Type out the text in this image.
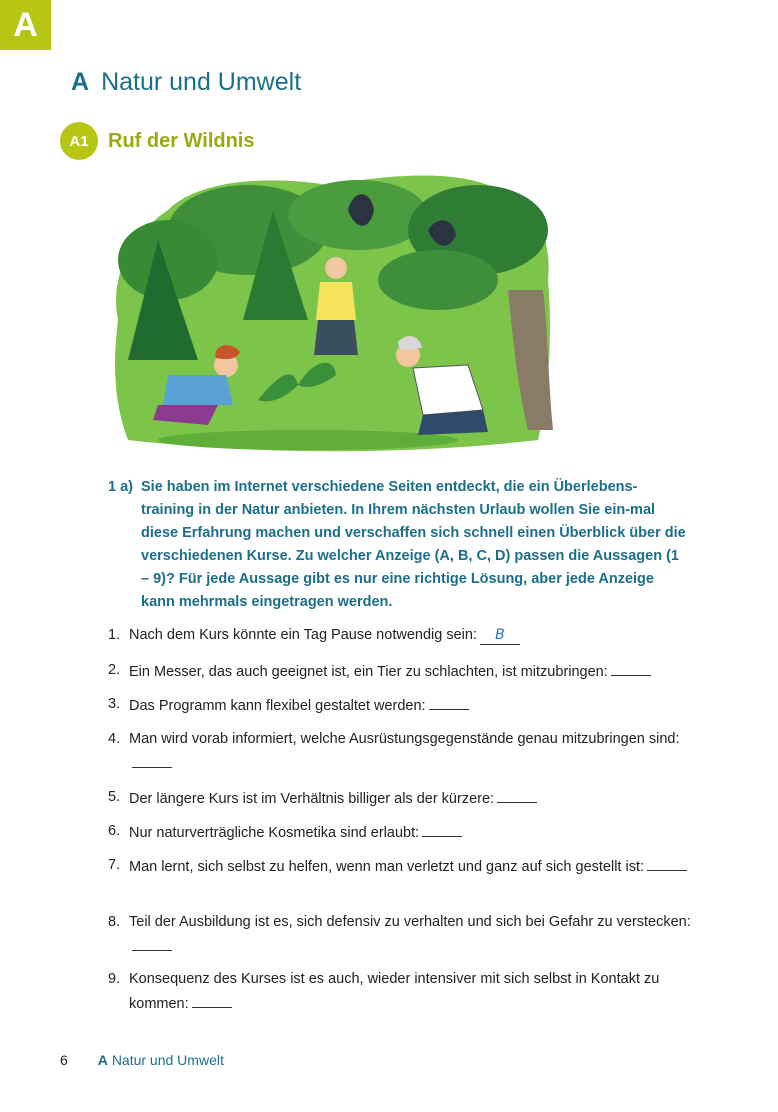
A
A Natur und Umwelt
A1 Ruf der Wildnis
1 a) Sie haben im Internet verschiedene Seiten entdeckt, die ein Überlebens-training in der Natur anbieten. In Ihrem nächsten Urlaub wollen Sie ein-mal diese Erfahrung machen und verschaffen sich schnell einen Überblick über die verschiedenen Kurse. Zu welcher Anzeige (A, B, C, D) passen die Aussagen (1 – 9)? Für jede Aussage gibt es nur eine richtige Lösung, aber jede Anzeige kann mehrmals eingetragen werden.
1. Nach dem Kurs könnte ein Tag Pause notwendig sein: B
2. Ein Messer, das auch geeignet ist, ein Tier zu schlachten, ist mitzubringen:
3. Das Programm kann flexibel gestaltet werden:
4. Man wird vorab informiert, welche Ausrüstungsgegenstände genau mitzubringen sind:
5. Der längere Kurs ist im Verhältnis billiger als der kürzere:
6. Nur naturverträgliche Kosmetika sind erlaubt:
7. Man lernt, sich selbst zu helfen, wenn man verletzt und ganz auf sich gestellt ist:
8. Teil der Ausbildung ist es, sich defensiv zu verhalten und sich bei Gefahr zu verstecken:
9. Konsequenz des Kurses ist es auch, wieder intensiver mit sich selbst in Kontakt zu kommen:
6 A Natur und Umwelt
